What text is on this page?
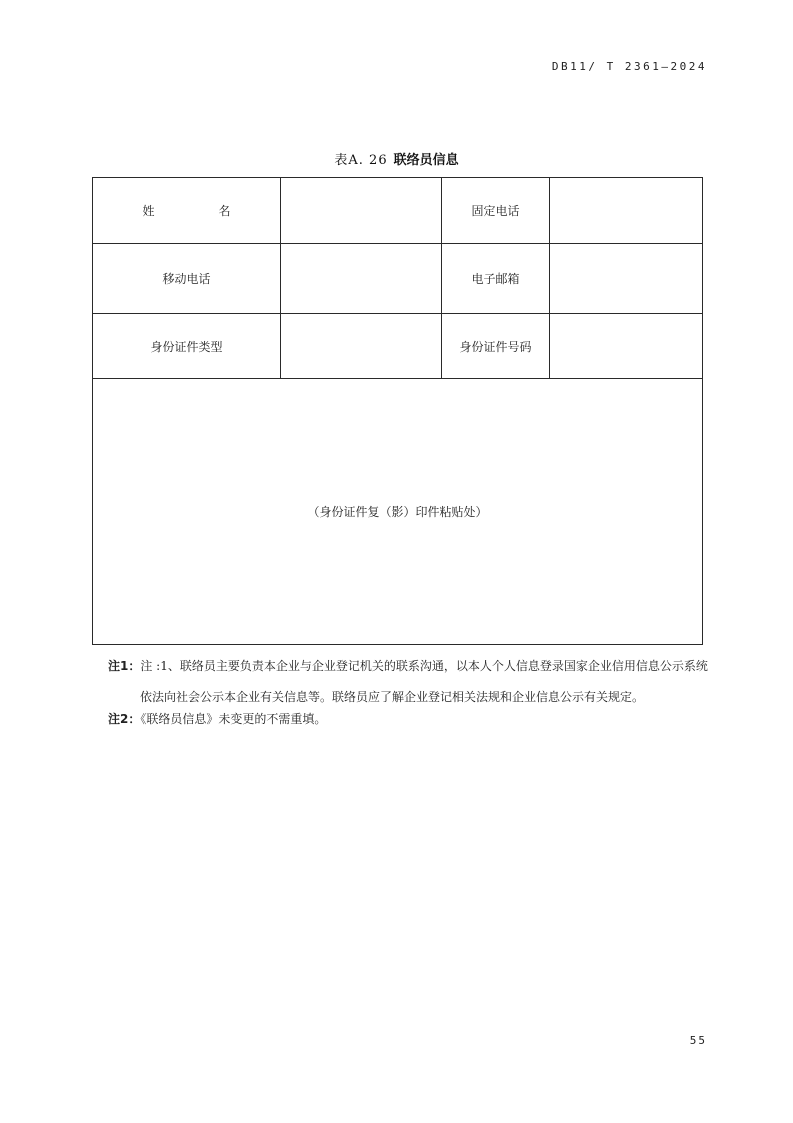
DB11/ T 2361—2024
表A. 26 联络员信息
姓　名		固定电话	
移动电话		电子邮箱	
身份证件类型		身份证件号码	
（身份证件复（影）印件粘贴处）			
注1：注 :1、联络员主要负责本企业与企业登记机关的联系沟通，以本人个人信息登录国家企业信用信息公示系统
依法向社会公示本企业有关信息等。联络员应了解企业登记相关法规和企业信息公示有关规定。
注2：《联络员信息》未变更的不需重填。
55
